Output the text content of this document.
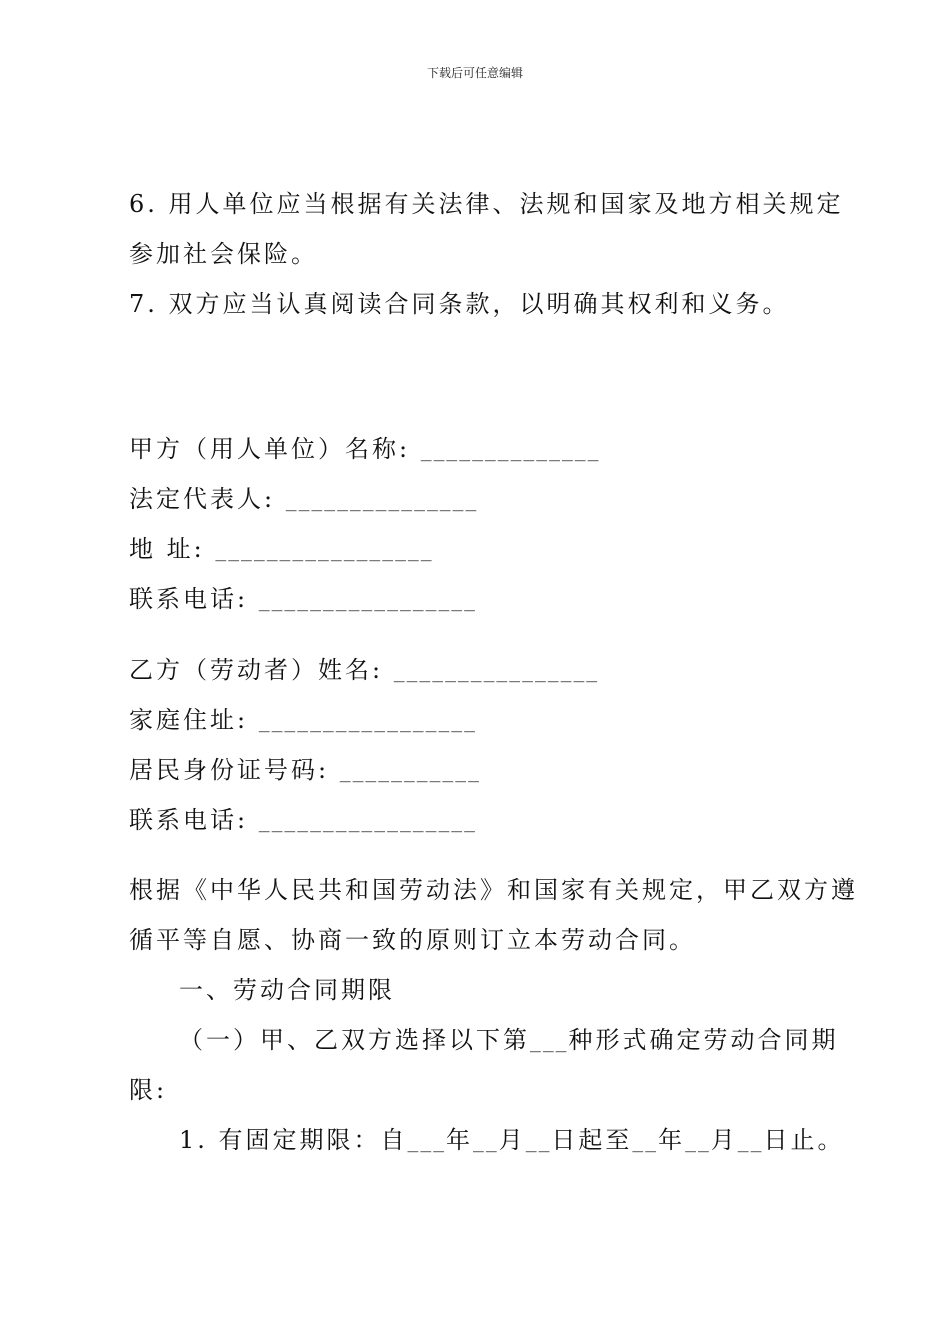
下载后可任意编辑
6. 用人单位应当根据有关法律、法规和国家及地方相关规定
参加社会保险。
7. 双方应当认真阅读合同条款，以明确其权利和义务。
甲方（用人单位）名称: ______________
法定代表人: _______________
地 址: _________________
联系电话: _________________
乙方（劳动者）姓名: ________________
家庭住址: _________________
居民身份证号码: ___________
联系电话: _________________
根据《中华人民共和国劳动法》和国家有关规定，甲乙双方遵
循平等自愿、协商一致的原则订立本劳动合同。
一、劳动合同期限
（一）甲、乙双方选择以下第___种形式确定劳动合同期
限:
1. 有固定期限：自___年__月__日起至__年__月__日止。
